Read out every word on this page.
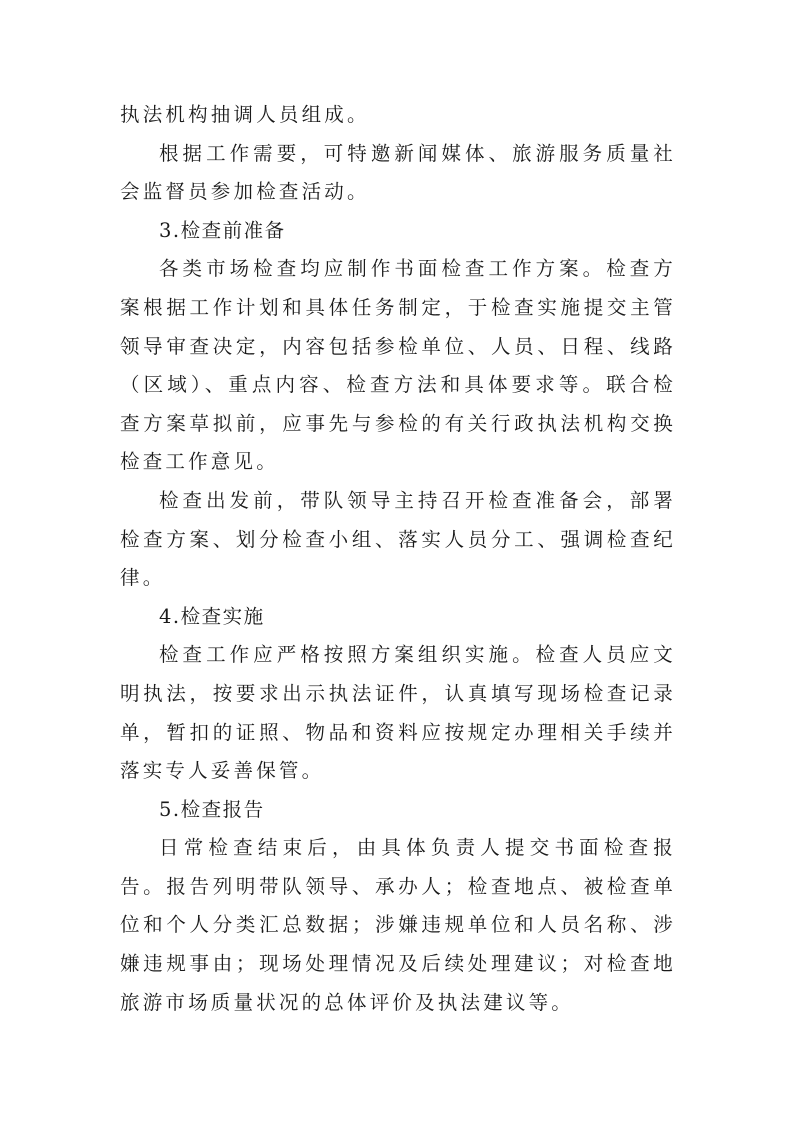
执法机构抽调人员组成。

根据工作需要，可特邀新闻媒体、旅游服务质量社会监督员参加检查活动。

3.检查前准备

各类市场检查均应制作书面检查工作方案。检查方案根据工作计划和具体任务制定，于检查实施提交主管领导审查决定，内容包括参检单位、人员、日程、线路（区域）、重点内容、检查方法和具体要求等。联合检查方案草拟前，应事先与参检的有关行政执法机构交换检查工作意见。

检查出发前，带队领导主持召开检查准备会，部署检查方案、划分检查小组、落实人员分工、强调检查纪律。

4.检查实施

检查工作应严格按照方案组织实施。检查人员应文明执法，按要求出示执法证件，认真填写现场检查记录单，暂扣的证照、物品和资料应按规定办理相关手续并落实专人妥善保管。

5.检查报告

日常检查结束后，由具体负责人提交书面检查报告。报告列明带队领导、承办人；检查地点、被检查单位和个人分类汇总数据；涉嫌违规单位和人员名称、涉嫌违规事由；现场处理情况及后续处理建议；对检查地旅游市场质量状况的总体评价及执法建议等。
